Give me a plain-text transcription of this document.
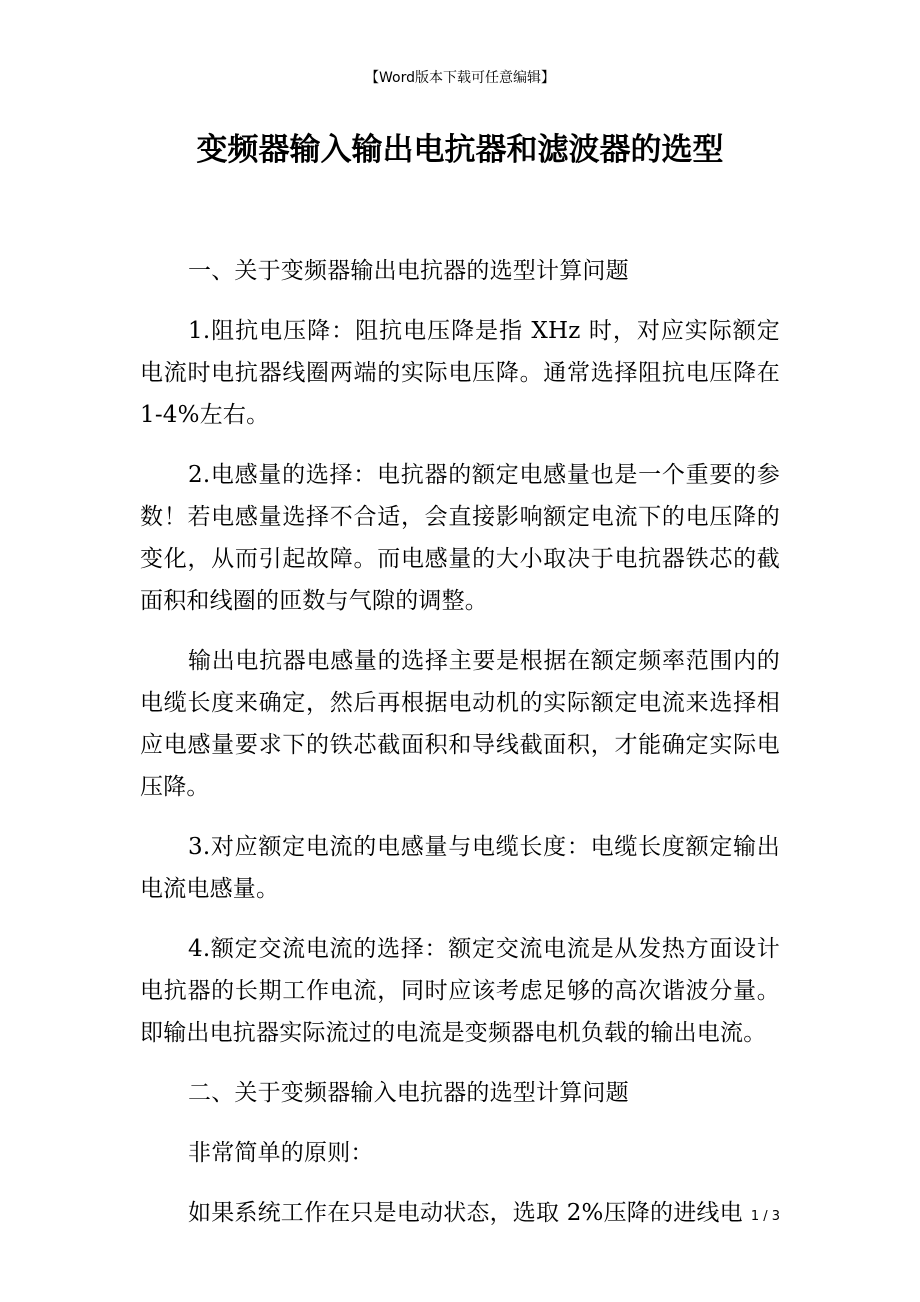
【Word版本下载可任意编辑】
变频器输入输出电抗器和滤波器的选型

一、关于变频器输出电抗器的选型计算问题

1.阻抗电压降：阻抗电压降是指 XHz 时，对应实际额定电流时电抗器线圈两端的实际电压降。通常选择阻抗电压降在 1-4%左右。

2.电感量的选择：电抗器的额定电感量也是一个重要的参数！若电感量选择不合适，会直接影响额定电流下的电压降的变化，从而引起故障。而电感量的大小取决于电抗器铁芯的截面积和线圈的匝数与气隙的调整。

输出电抗器电感量的选择主要是根据在额定频率范围内的电缆长度来确定，然后再根据电动机的实际额定电流来选择相应电感量要求下的铁芯截面积和导线截面积，才能确定实际电压降。

3.对应额定电流的电感量与电缆长度：电缆长度额定输出电流电感量。

4.额定交流电流的选择：额定交流电流是从发热方面设计电抗器的长期工作电流，同时应该考虑足够的高次谐波分量。即输出电抗器实际流过的电流是变频器电机负载的输出电流。

二、关于变频器输入电抗器的选型计算问题

非常简单的原则：

如果系统工作在只是电动状态，选取 2%压降的进线电 1 / 3
